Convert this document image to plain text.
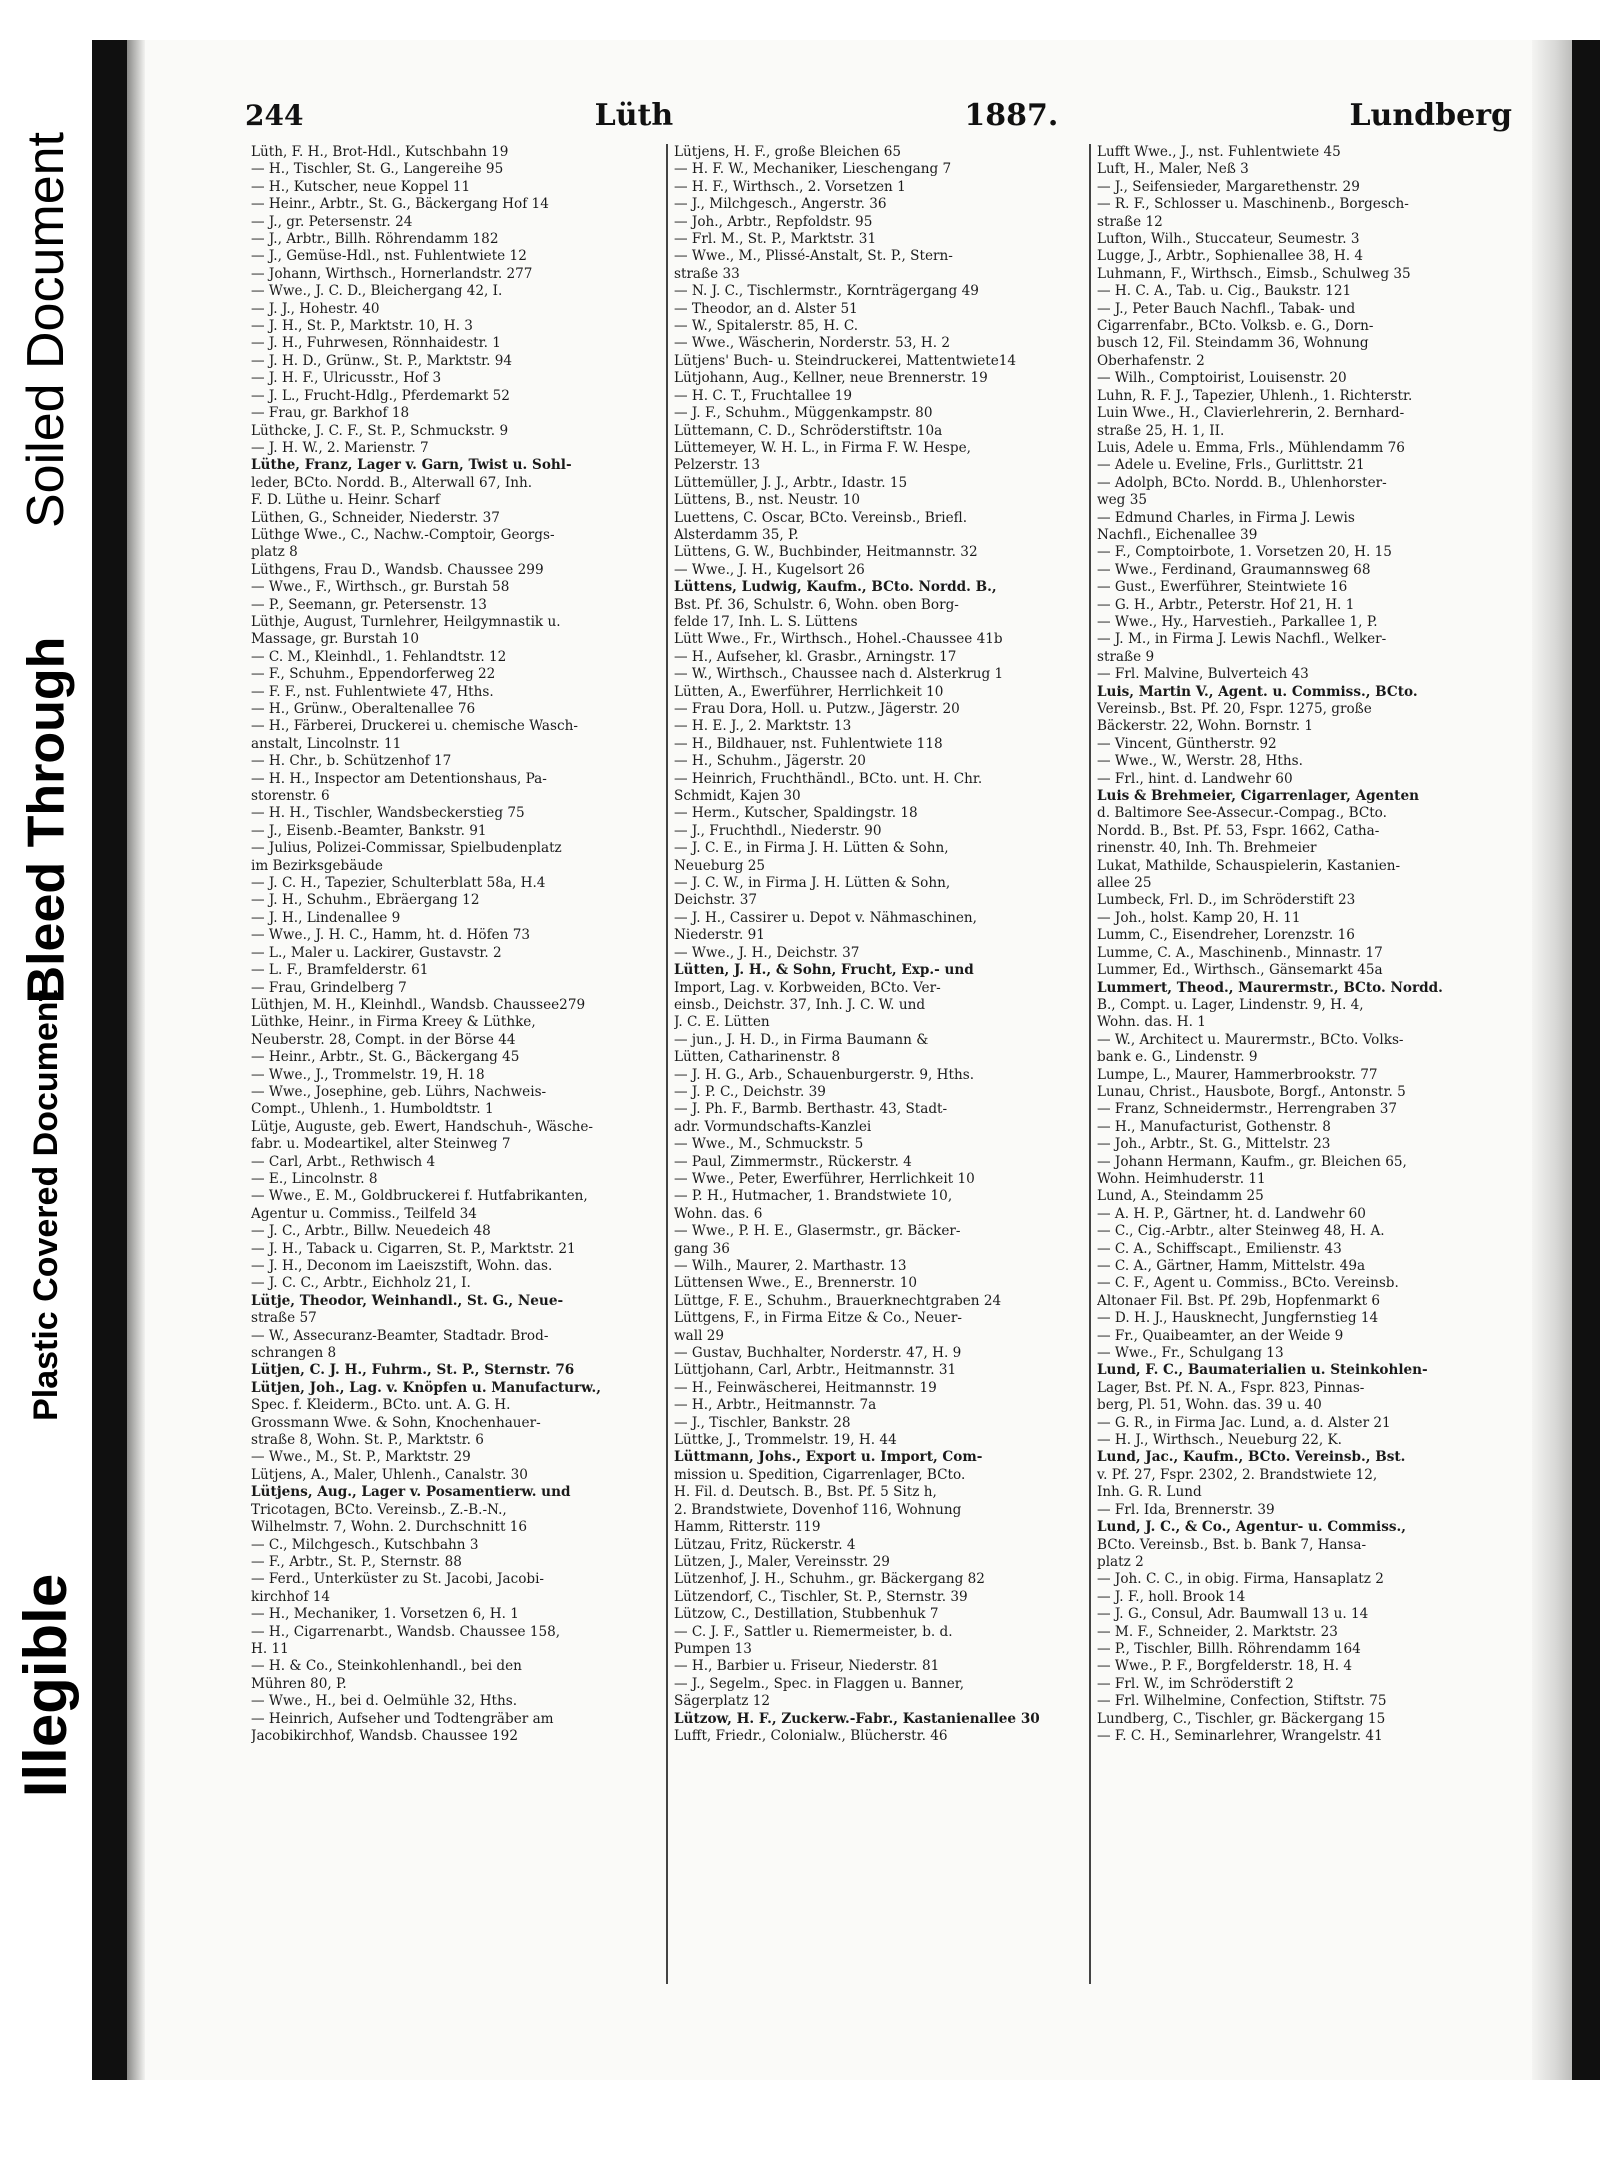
Illegible
Plastic Covered Document
Bleed Through
Soiled Document
244	Lüth	1887.	Lundberg
Lüth, F. H., Brot-Hdl., Kutschbahn 19
— H., Tischler, St. G., Langereihe 95
— H., Kutscher, neue Koppel 11
— Heinr., Arbtr., St. G., Bäckergang Hof 14
— J., gr. Petersenstr. 24
— J., Arbtr., Billh. Röhrendamm 182
— J., Gemüse-Hdl., nst. Fuhlentwiete 12
— Johann, Wirthsch., Hornerlandstr. 277
— Wwe., J. C. D., Bleichergang 42, I.
— J. J., Hohestr. 40
— J. H., St. P., Marktstr. 10, H. 3
— J. H., Fuhrwesen, Rönnhaidestr. 1
— J. H. D., Grünw., St. P., Marktstr. 94
— J. H. F., Ulricusstr., Hof 3
— J. L., Frucht-Hdlg., Pferdemarkt 52
— Frau, gr. Barkhof 18
Lüthcke, J. C. F., St. P., Schmuckstr. 9
— J. H. W., 2. Marienstr. 7
Lüthe, Franz, Lager v. Garn, Twist u. Sohl-
leder, BCto. Nordd. B., Alterwall 67, Inh.
F. D. Lüthe u. Heinr. Scharf
Lüthen, G., Schneider, Niederstr. 37
Lüthge Wwe., C., Nachw.-Comptoir, Georgs-
platz 8
Lüthgens, Frau D., Wandsb. Chaussee 299
— Wwe., F., Wirthsch., gr. Burstah 58
— P., Seemann, gr. Petersenstr. 13
Lüthje, August, Turnlehrer, Heilgymnastik u.
Massage, gr. Burstah 10
— C. M., Kleinhdl., 1. Fehlandtstr. 12
— F., Schuhm., Eppendorferweg 22
— F. F., nst. Fuhlentwiete 47, Hths.
— H., Grünw., Oberaltenallee 76
— H., Färberei, Druckerei u. chemische Wasch-
anstalt, Lincolnstr. 11
— H. Chr., b. Schützenhof 17
— H. H., Inspector am Detentionshaus, Pa-
storenstr. 6
— H. H., Tischler, Wandsbeckerstieg 75
— J., Eisenb.-Beamter, Bankstr. 91
— Julius, Polizei-Commissar, Spielbudenplatz
im Bezirksgebäude
— J. C. H., Tapezier, Schulterblatt 58a, H.4
— J. H., Schuhm., Ebräergang 12
— J. H., Lindenallee 9
— Wwe., J. H. C., Hamm, ht. d. Höfen 73
— L., Maler u. Lackirer, Gustavstr. 2
— L. F., Bramfelderstr. 61
— Frau, Grindelberg 7
Lüthjen, M. H., Kleinhdl., Wandsb. Chaussee279
Lüthke, Heinr., in Firma Kreey & Lüthke,
Neuberstr. 28, Compt. in der Börse 44
— Heinr., Arbtr., St. G., Bäckergang 45
— Wwe., J., Trommelstr. 19, H. 18
— Wwe., Josephine, geb. Lührs, Nachweis-
Compt., Uhlenh., 1. Humboldtstr. 1
Lütje, Auguste, geb. Ewert, Handschuh-, Wäsche-
fabr. u. Modeartikel, alter Steinweg 7
— Carl, Arbt., Rethwisch 4
— E., Lincolnstr. 8
— Wwe., E. M., Goldbruckerei f. Hutfabrikanten,
Agentur u. Commiss., Teilfeld 34
— J. C., Arbtr., Billw. Neuedeich 48
— J. H., Taback u. Cigarren, St. P., Marktstr. 21
— J. H., Deconom im Laeiszstift, Wohn. das.
— J. C. C., Arbtr., Eichholz 21, I.
Lütje, Theodor, Weinhandl., St. G., Neue-
straße 57
— W., Assecuranz-Beamter, Stadtadr. Brod-
schrangen 8
Lütjen, C. J. H., Fuhrm., St. P., Sternstr. 76
Lütjen, Joh., Lag. v. Knöpfen u. Manufacturw.,
Spec. f. Kleiderm., BCto. unt. A. G. H.
Grossmann Wwe. & Sohn, Knochenhauer-
straße 8, Wohn. St. P., Marktstr. 6
— Wwe., M., St. P., Marktstr. 29
Lütjens, A., Maler, Uhlenh., Canalstr. 30
Lütjens, Aug., Lager v. Posamentierw. und
Tricotagen, BCto. Vereinsb., Z.-B.-N.,
Wilhelmstr. 7, Wohn. 2. Durchschnitt 16
— C., Milchgesch., Kutschbahn 3
— F., Arbtr., St. P., Sternstr. 88
— Ferd., Unterküster zu St. Jacobi, Jacobi-
kirchhof 14
— H., Mechaniker, 1. Vorsetzen 6, H. 1
— H., Cigarrenarbt., Wandsb. Chaussee 158,
H. 11
— H. & Co., Steinkohlenhandl., bei den
Mühren 80, P.
— Wwe., H., bei d. Oelmühle 32, Hths.
— Heinrich, Aufseher und Todtengräber am
Jacobikirchhof, Wandsb. Chaussee 192
Lütjens, H. F., große Bleichen 65
— H. F. W., Mechaniker, Lieschengang 7
— H. F., Wirthsch., 2. Vorsetzen 1
— J., Milchgesch., Angerstr. 36
— Joh., Arbtr., Repfoldstr. 95
— Frl. M., St. P., Marktstr. 31
— Wwe., M., Plissé-Anstalt, St. P., Stern-
straße 33
— N. J. C., Tischlermstr., Kornträgergang 49
— Theodor, an d. Alster 51
— W., Spitalerstr. 85, H. C.
— Wwe., Wäscherin, Norderstr. 53, H. 2
Lütjens' Buch- u. Steindruckerei, Mattentwiete14
Lütjohann, Aug., Kellner, neue Brennerstr. 19
— H. C. T., Fruchtallee 19
— J. F., Schuhm., Müggenkampstr. 80
Lüttemann, C. D., Schröderstiftstr. 10a
Lüttemeyer, W. H. L., in Firma F. W. Hespe,
Pelzerstr. 13
Lüttemüller, J. J., Arbtr., Idastr. 15
Lüttens, B., nst. Neustr. 10
Luettens, C. Oscar, BCto. Vereinsb., Briefl.
Alsterdamm 35, P.
Lüttens, G. W., Buchbinder, Heitmannstr. 32
— Wwe., J. H., Kugelsort 26
Lüttens, Ludwig, Kaufm., BCto. Nordd. B.,
Bst. Pf. 36, Schulstr. 6, Wohn. oben Borg-
felde 17, Inh. L. S. Lüttens
Lütt Wwe., Fr., Wirthsch., Hohel.-Chaussee 41b
— H., Aufseher, kl. Grasbr., Arningstr. 17
— W., Wirthsch., Chaussee nach d. Alsterkrug 1
Lütten, A., Ewerführer, Herrlichkeit 10
— Frau Dora, Holl. u. Putzw., Jägerstr. 20
— H. E. J., 2. Marktstr. 13
— H., Bildhauer, nst. Fuhlentwiete 118
— H., Schuhm., Jägerstr. 20
— Heinrich, Fruchthändl., BCto. unt. H. Chr.
Schmidt, Kajen 30
— Herm., Kutscher, Spaldingstr. 18
— J., Fruchthdl., Niederstr. 90
— J. C. E., in Firma J. H. Lütten & Sohn,
Neueburg 25
— J. C. W., in Firma J. H. Lütten & Sohn,
Deichstr. 37
— J. H., Cassirer u. Depot v. Nähmaschinen,
Niederstr. 91
— Wwe., J. H., Deichstr. 37
Lütten, J. H., & Sohn, Frucht, Exp.- und
Import, Lag. v. Korbweiden, BCto. Ver-
einsb., Deichstr. 37, Inh. J. C. W. und
J. C. E. Lütten
— jun., J. H. D., in Firma Baumann &
Lütten, Catharinenstr. 8
— J. H. G., Arb., Schauenburgerstr. 9, Hths.
— J. P. C., Deichstr. 39
— J. Ph. F., Barmb. Berthastr. 43, Stadt-
adr. Vormundschafts-Kanzlei
— Wwe., M., Schmuckstr. 5
— Paul, Zimmermstr., Rückerstr. 4
— Wwe., Peter, Ewerführer, Herrlichkeit 10
— P. H., Hutmacher, 1. Brandstwiete 10,
Wohn. das. 6
— Wwe., P. H. E., Glasermstr., gr. Bäcker-
gang 36
— Wilh., Maurer, 2. Marthastr. 13
Lüttensen Wwe., E., Brennerstr. 10
Lüttge, F. E., Schuhm., Brauerknechtgraben 24
Lüttgens, F., in Firma Eitze & Co., Neuer-
wall 29
— Gustav, Buchhalter, Norderstr. 47, H. 9
Lüttjohann, Carl, Arbtr., Heitmannstr. 31
— H., Feinwäscherei, Heitmannstr. 19
— H., Arbtr., Heitmannstr. 7a
— J., Tischler, Bankstr. 28
Lüttke, J., Trommelstr. 19, H. 44
Lüttmann, Johs., Export u. Import, Com-
mission u. Spedition, Cigarrenlager, BCto.
H. Fil. d. Deutsch. B., Bst. Pf. 5 Sitz h,
2. Brandstwiete, Dovenhof 116, Wohnung
Hamm, Ritterstr. 119
Lützau, Fritz, Rückerstr. 4
Lützen, J., Maler, Vereinsstr. 29
Lützenhof, J. H., Schuhm., gr. Bäckergang 82
Lützendorf, C., Tischler, St. P., Sternstr. 39
Lützow, C., Destillation, Stubbenhuk 7
— C. J. F., Sattler u. Riemermeister, b. d.
Pumpen 13
— H., Barbier u. Friseur, Niederstr. 81
— J., Segelm., Spec. in Flaggen u. Banner,
Sägerplatz 12
Lützow, H. F., Zuckerw.-Fabr., Kastanienallee 30
Lufft, Friedr., Colonialw., Blücherstr. 46
Lufft Wwe., J., nst. Fuhlentwiete 45
Luft, H., Maler, Neß 3
— J., Seifensieder, Margarethenstr. 29
— R. F., Schlosser u. Maschinenb., Borgesch-
straße 12
Lufton, Wilh., Stuccateur, Seumestr. 3
Lugge, J., Arbtr., Sophienallee 38, H. 4
Luhmann, F., Wirthsch., Eimsb., Schulweg 35
— H. C. A., Tab. u. Cig., Baukstr. 121
— J., Peter Bauch Nachfl., Tabak- und
Cigarrenfabr., BCto. Volksb. e. G., Dorn-
busch 12, Fil. Steindamm 36, Wohnung
Oberhafenstr. 2
— Wilh., Comptoirist, Louisenstr. 20
Luhn, R. F. J., Tapezier, Uhlenh., 1. Richterstr.
Luin Wwe., H., Clavierlehrerin, 2. Bernhard-
straße 25, H. 1, II.
Luis, Adele u. Emma, Frls., Mühlendamm 76
— Adele u. Eveline, Frls., Gurlittstr. 21
— Adolph, BCto. Nordd. B., Uhlenhorster-
weg 35
— Edmund Charles, in Firma J. Lewis
Nachfl., Eichenallee 39
— F., Comptoirbote, 1. Vorsetzen 20, H. 15
— Wwe., Ferdinand, Graumannsweg 68
— Gust., Ewerführer, Steintwiete 16
— G. H., Arbtr., Peterstr. Hof 21, H. 1
— Wwe., Hy., Harvestieh., Parkallee 1, P.
— J. M., in Firma J. Lewis Nachfl., Welker-
straße 9
— Frl. Malvine, Bulverteich 43
Luis, Martin V., Agent. u. Commiss., BCto.
Vereinsb., Bst. Pf. 20, Fspr. 1275, große
Bäckerstr. 22, Wohn. Bornstr. 1
— Vincent, Güntherstr. 92
— Wwe., W., Werstr. 28, Hths.
— Frl., hint. d. Landwehr 60
Luis & Brehmeier, Cigarrenlager, Agenten
d. Baltimore See-Assecur.-Compag., BCto.
Nordd. B., Bst. Pf. 53, Fspr. 1662, Catha-
rinenstr. 40, Inh. Th. Brehmeier
Lukat, Mathilde, Schauspielerin, Kastanien-
allee 25
Lumbeck, Frl. D., im Schröderstift 23
— Joh., holst. Kamp 20, H. 11
Lumm, C., Eisendreher, Lorenzstr. 16
Lumme, C. A., Maschinenb., Minnastr. 17
Lummer, Ed., Wirthsch., Gänsemarkt 45a
Lummert, Theod., Maurermstr., BCto. Nordd.
B., Compt. u. Lager, Lindenstr. 9, H. 4,
Wohn. das. H. 1
— W., Architect u. Maurermstr., BCto. Volks-
bank e. G., Lindenstr. 9
Lumpe, L., Maurer, Hammerbrookstr. 77
Lunau, Christ., Hausbote, Borgf., Antonstr. 5
— Franz, Schneidermstr., Herrengraben 37
— H., Manufacturist, Gothenstr. 8
— Joh., Arbtr., St. G., Mittelstr. 23
— Johann Hermann, Kaufm., gr. Bleichen 65,
Wohn. Heimhuderstr. 11
Lund, A., Steindamm 25
— A. H. P., Gärtner, ht. d. Landwehr 60
— C., Cig.-Arbtr., alter Steinweg 48, H. A.
— C. A., Schiffscapt., Emilienstr. 43
— C. A., Gärtner, Hamm, Mittelstr. 49a
— C. F., Agent u. Commiss., BCto. Vereinsb.
Altonaer Fil. Bst. Pf. 29b, Hopfenmarkt 6
— D. H. J., Hausknecht, Jungfernstieg 14
— Fr., Quaibeamter, an der Weide 9
— Wwe., Fr., Schulgang 13
Lund, F. C., Baumaterialien u. Steinkohlen-
Lager, Bst. Pf. N. A., Fspr. 823, Pinnas-
berg, Pl. 51, Wohn. das. 39 u. 40
— G. R., in Firma Jac. Lund, a. d. Alster 21
— H. J., Wirthsch., Neueburg 22, K.
Lund, Jac., Kaufm., BCto. Vereinsb., Bst.
v. Pf. 27, Fspr. 2302, 2. Brandstwiete 12,
Inh. G. R. Lund
— Frl. Ida, Brennerstr. 39
Lund, J. C., & Co., Agentur- u. Commiss.,
BCto. Vereinsb., Bst. b. Bank 7, Hansa-
platz 2
— Joh. C. C., in obig. Firma, Hansaplatz 2
— J. F., holl. Brook 14
— J. G., Consul, Adr. Baumwall 13 u. 14
— M. F., Schneider, 2. Marktstr. 23
— P., Tischler, Billh. Röhrendamm 164
— Wwe., P. F., Borgfelderstr. 18, H. 4
— Frl. W., im Schröderstift 2
— Frl. Wilhelmine, Confection, Stiftstr. 75
Lundberg, C., Tischler, gr. Bäckergang 15
— F. C. H., Seminarlehrer, Wrangelstr. 41
